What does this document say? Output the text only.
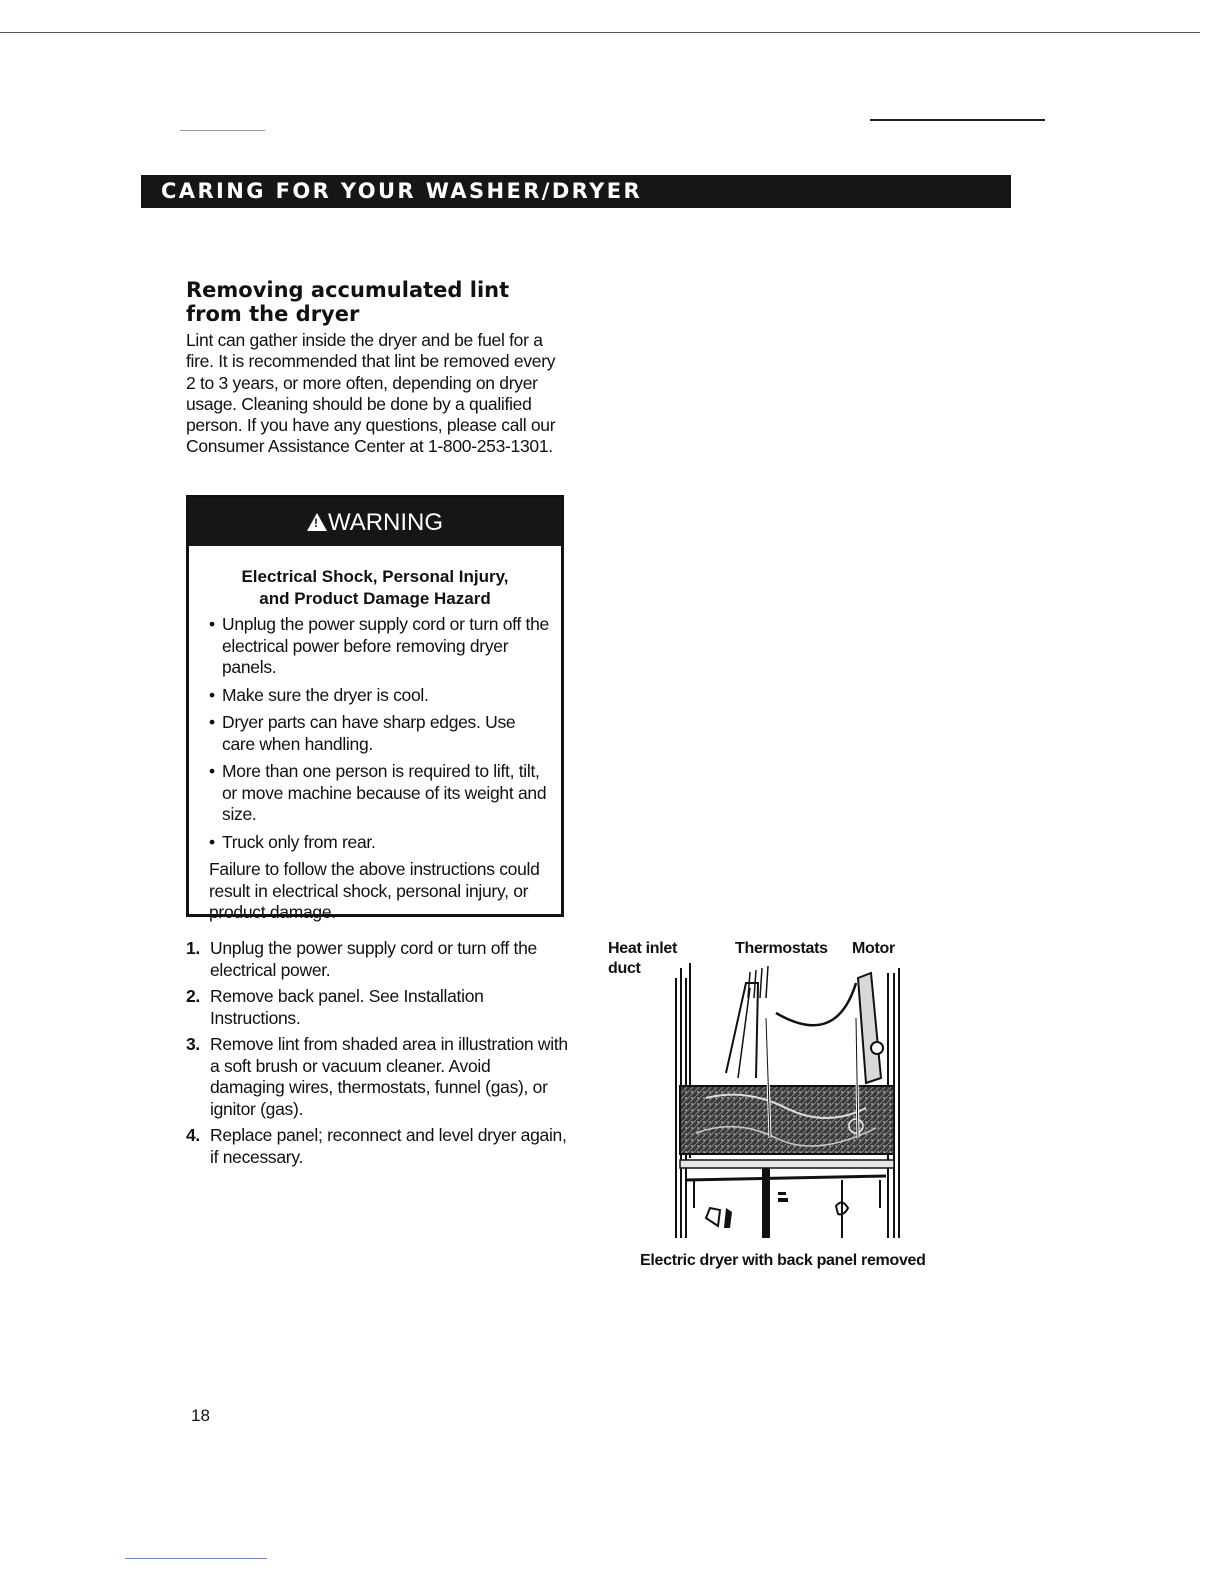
CARING FOR YOUR WASHER/DRYER
Removing accumulated lint
from the dryer

Lint can gather inside the dryer and be fuel for a fire. It is recommended that lint be removed every 2 to 3 years, or more often, depending on dryer usage. Cleaning should be done by a qualified person. If you have any questions, please call our Consumer Assistance Center at 1-800-253-1301.

!WARNING
Electrical Shock, Personal Injury,
and Product Damage Hazard
• Unplug the power supply cord or turn off the electrical power before removing dryer panels.
• Make sure the dryer is cool.
• Dryer parts can have sharp edges. Use care when handling.
• More than one person is required to lift, tilt, or move machine because of its weight and size.
• Truck only from rear.

Failure to follow the above instructions could result in electrical shock, personal injury, or product damage.

1. Unplug the power supply cord or turn off the electrical power.
2. Remove back panel. See Installation Instructions.
3. Remove lint from shaded area in illustration with a soft brush or vacuum cleaner. Avoid damaging wires, thermostats, funnel (gas), or ignitor (gas).
4. Replace panel; reconnect and level dryer again, if necessary.
Heat inlet
duct
Thermostats Motor
Electric dryer with back panel removed
18
